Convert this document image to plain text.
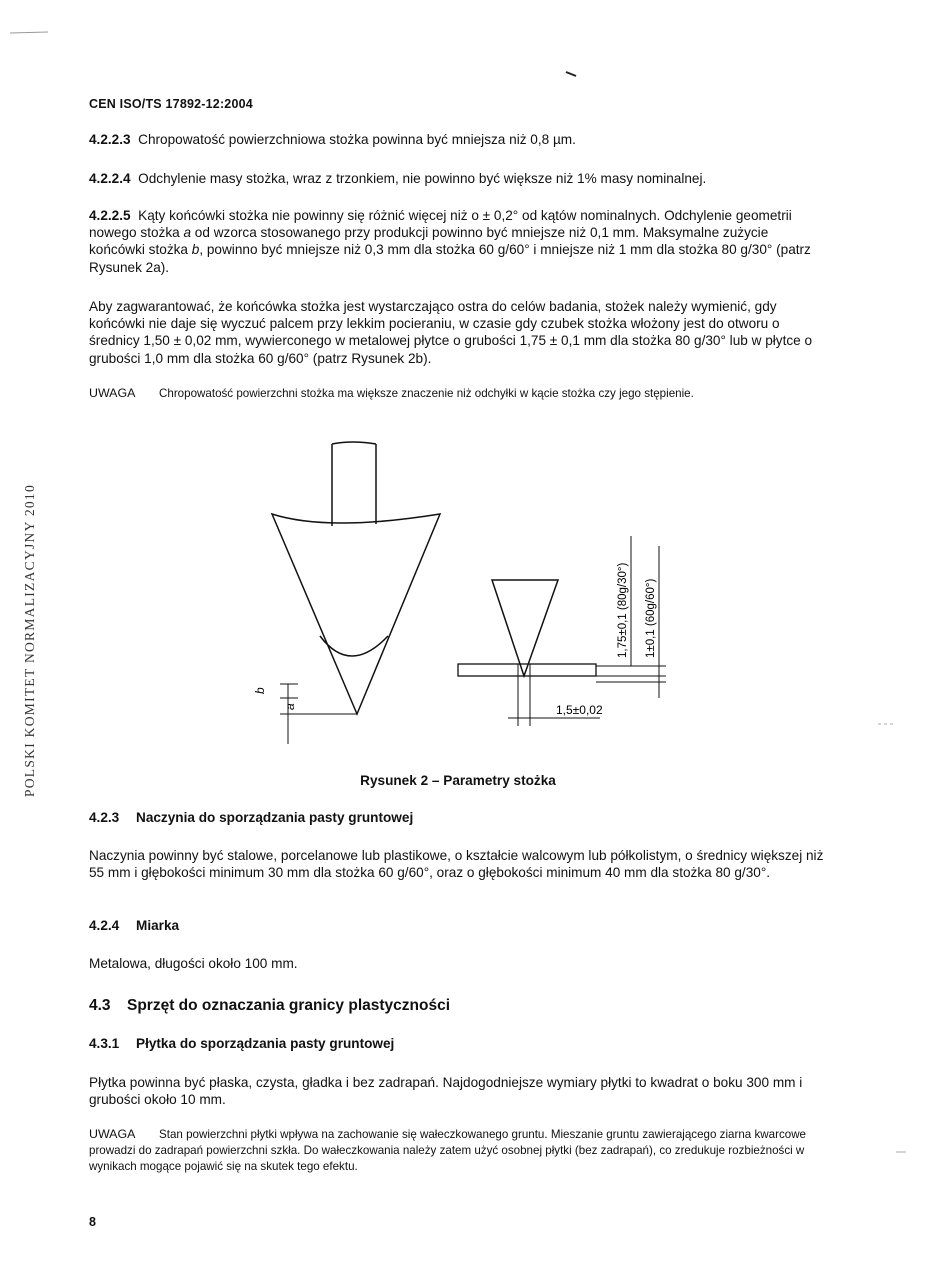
CEN ISO/TS 17892-12:2004
POLSKI KOMITET NORMALIZACYJNY 2010
4.2.2.3 Chropowatość powierzchniowa stożka powinna być mniejsza niż 0,8 µm.
4.2.2.4 Odchylenie masy stożka, wraz z trzonkiem, nie powinno być większe niż 1% masy nominalnej.
4.2.2.5 Kąty końcówki stożka nie powinny się różnić więcej niż o ± 0,2° od kątów nominalnych. Odchylenie geometrii nowego stożka a od wzorca stosowanego przy produkcji powinno być mniejsze niż 0,1 mm. Maksymalne zużycie końcówki stożka b, powinno być mniejsze niż 0,3 mm dla stożka 60 g/60° i mniejsze niż 1 mm dla stożka 80 g/30° (patrz Rysunek 2a).
Aby zagwarantować, że końcówka stożka jest wystarczająco ostra do celów badania, stożek należy wymienić, gdy końcówki nie daje się wyczuć palcem przy lekkim pocieraniu, w czasie gdy czubek stożka włożony jest do otworu o średnicy 1,50 ± 0,02 mm, wywierconego w metalowej płytce o grubości 1,75 ± 0,1 mm dla stożka 80 g/30° lub w płytce o grubości 1,0 mm dla stożka 60 g/60° (patrz Rysunek 2b).
UWAGA Chropowatość powierzchni stożka ma większe znaczenie niż odchyłki w kącie stożka czy jego stępienie.
b
a
1,75±0,1 (80g/30°) 1±0,1 (60g/60°)
1,5±0,02
Rysunek 2 – Parametry stożka
4.2.3 Naczynia do sporządzania pasty gruntowej
Naczynia powinny być stalowe, porcelanowe lub plastikowe, o kształcie walcowym lub półkolistym, o średnicy większej niż 55 mm i głębokości minimum 30 mm dla stożka 60 g/60°, oraz o głębokości minimum 40 mm dla stożka 80 g/30°.
4.2.4 Miarka
Metalowa, długości około 100 mm.
4.3 Sprzęt do oznaczania granicy plastyczności
4.3.1 Płytka do sporządzania pasty gruntowej
Płytka powinna być płaska, czysta, gładka i bez zadrapań. Najdogodniejsze wymiary płytki to kwadrat o boku 300 mm i grubości około 10 mm.
UWAGA Stan powierzchni płytki wpływa na zachowanie się wałeczkowanego gruntu. Mieszanie gruntu zawierającego ziarna kwarcowe prowadzi do zadrapań powierzchni szkła. Do wałeczkowania należy zatem użyć osobnej płytki (bez zadrapań), co zredukuje rozbieżności w wynikach mogące pojawić się na skutek tego efektu.
8
